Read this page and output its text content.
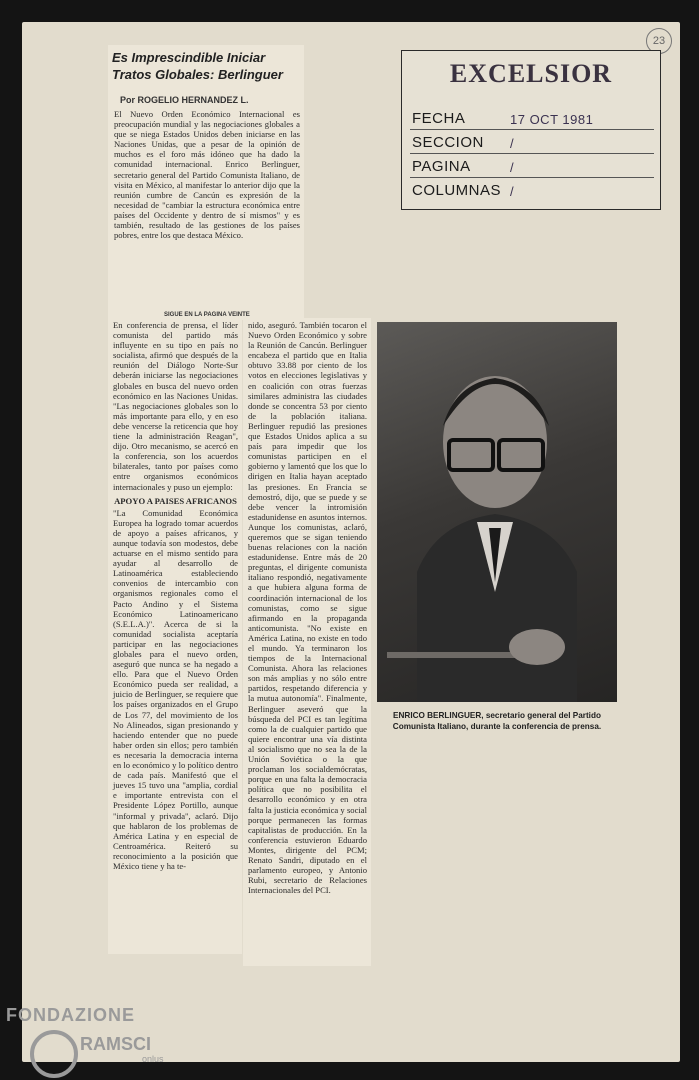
23
EXCELSIOR
FECHA	17 OCT 1981
SECCION /
PAGINA	/
COLUMNAS /
Es Imprescindible Iniciar Tratos Globales: Berlinguer
Por ROGELIO HERNANDEZ L.
El Nuevo Orden Económico Internacional es preocupación mundial y las negociaciones globales a que se niega Estados Unidos deben iniciarse en las Naciones Unidas, que a pesar de la opinión de muchos es el foro más idóneo que ha dado la comunidad internacional. Enrico Berlinguer, secretario general del Partido Comunista Italiano, de visita en México, al manifestar lo anterior dijo que la reunión cumbre de Cancún es expresión de la necesidad de "cambiar la estructura económica entre países del Occidente y dentro de sí mismos" y es también, resultado de las gestiones de los países pobres, entre los que destaca México.
SIGUE EN LA PAGINA VEINTE
En conferencia de prensa, el líder comunista del partido más influyente en su tipo en país no socialista, afirmó que después de la reunión del Diálogo Norte-Sur deberán iniciarse las negociaciones globales en busca del nuevo orden económico en las Naciones Unidas. "Las negociaciones globales son lo más importante para ello, y en eso debe vencerse la reticencia que hoy tiene la administración Reagan", dijo. Otro mecanismo, se acercó en la conferencia, son los acuerdos bilaterales, tanto por países como entre organismos económicos internacionales y puso un ejemplo:
APOYO A PAISES AFRICANOS
"La Comunidad Económica Europea ha logrado tomar acuerdos de apoyo a países africanos, y aunque todavía son modestos, debe actuarse en el mismo sentido para ayudar al desarrollo de Latinoamérica estableciendo convenios de intercambio con organismos regionales como el Pacto Andino y el Sistema Económico Latinoamericano (S.E.L.A.)". Acerca de si la comunidad socialista aceptaría participar en las negociaciones globales para el nuevo orden, aseguró que nunca se ha negado a ello. Para que el Nuevo Orden Económico pueda ser realidad, a juicio de Berlinguer, se requiere que los países organizados en el Grupo de Los 77, del movimiento de los No Alineados, sigan presionando y haciendo entender que no puede haber orden sin ellos; pero también es necesaria la democracia interna en lo económico y lo político dentro de cada país. Manifestó que el jueves 15 tuvo una "amplia, cordial e importante entrevista con el Presidente López Portillo, aunque "informal y privada", aclaró. Dijo que hablaron de los problemas de América Latina y en especial de Centroamérica. Reiteró su reconocimiento a la posición que México tiene y ha te-
nido, aseguró. También tocaron el Nuevo Orden Económico y sobre la Reunión de Cancún. Berlinguer encabeza el partido que en Italia obtuvo 33.88 por ciento de los votos en elecciones legislativas y en coalición con otras fuerzas similares administra las ciudades donde se concentra 53 por ciento de la población italiana. Berlinguer repudió las presiones que Estados Unidos aplica a su país para impedir que los comunistas participen en el gobierno y lamentó que los que lo dirigen en Italia hayan aceptado las presiones. En Francia se demostró, dijo, que se puede y se debe vencer la intromisión estadunidense en asuntos internos. Aunque los comunistas, aclaró, queremos que se sigan teniendo buenas relaciones con la nación estadunidense. Entre más de 20 preguntas, el dirigente comunista italiano respondió, negativamente a que hubiera alguna forma de coordinación internacional de los comunistas, como se sigue afirmando en la propaganda anticomunista. "No existe en América Latina, no existe en todo el mundo. Ya terminaron los tiempos de la Internacional Comunista. Ahora las relaciones son más amplias y no sólo entre partidos, respetando diferencia y la mutua autonomía". Finalmente, Berlinguer aseveró que la búsqueda del PCI es tan legítima como la de cualquier partido que quiere encontrar una vía distinta al socialismo que no sea la de la Unión Soviética o la que proclaman los socialdemócratas, porque en una falta la democracia política que no posibilita el desarrollo económico y en otra falta la justicia económica y social porque permanecen las formas capitalistas de producción. En la conferencia estuvieron Eduardo Montes, dirigente del PCM; Renato Sandri, diputado en el parlamento europeo, y Antonio Rubi, secretario de Relaciones Internacionales del PCI.
ENRICO BERLINGUER, secretario general del Partido Comunista Italiano, durante la conferencia de prensa.
FONDAZIONE
RAMSCI
onlus
